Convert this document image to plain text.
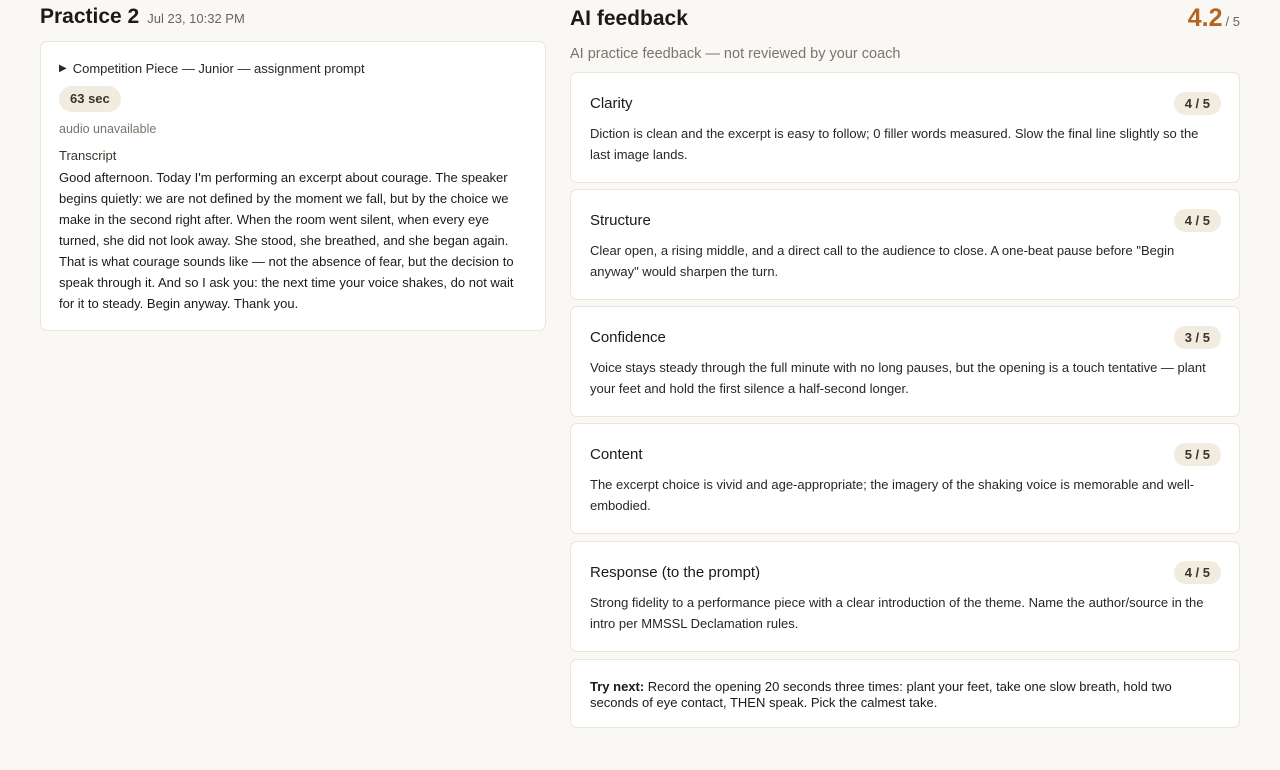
Practice 2 Jul 23, 10:32 PM
▶ Competition Piece — Junior — assignment prompt
63 sec
audio unavailable
Transcript
Good afternoon. Today I'm performing an excerpt about courage. The speaker begins quietly: we are not defined by the moment we fall, but by the choice we make in the second right after. When the room went silent, when every eye turned, she did not look away. She stood, she breathed, and she began again. That is what courage sounds like — not the absence of fear, but the decision to speak through it. And so I ask you: the next time your voice shakes, do not wait for it to steady. Begin anyway. Thank you.
AI feedback	4.2 / 5
AI practice feedback — not reviewed by your coach
Clarity	4 / 5
Diction is clean and the excerpt is easy to follow; 0 filler words measured. Slow the final line slightly so the last image lands.
Structure	4 / 5
Clear open, a rising middle, and a direct call to the audience to close. A one-beat pause before "Begin anyway" would sharpen the turn.
Confidence	3 / 5
Voice stays steady through the full minute with no long pauses, but the opening is a touch tentative — plant your feet and hold the first silence a half-second longer.
Content	5 / 5
The excerpt choice is vivid and age-appropriate; the imagery of the shaking voice is memorable and well-embodied.
Response (to the prompt)	4 / 5
Strong fidelity to a performance piece with a clear introduction of the theme. Name the author/source in the intro per MMSSL Declamation rules.
Try next: Record the opening 20 seconds three times: plant your feet, take one slow breath, hold two seconds of eye contact, THEN speak. Pick the calmest take.
